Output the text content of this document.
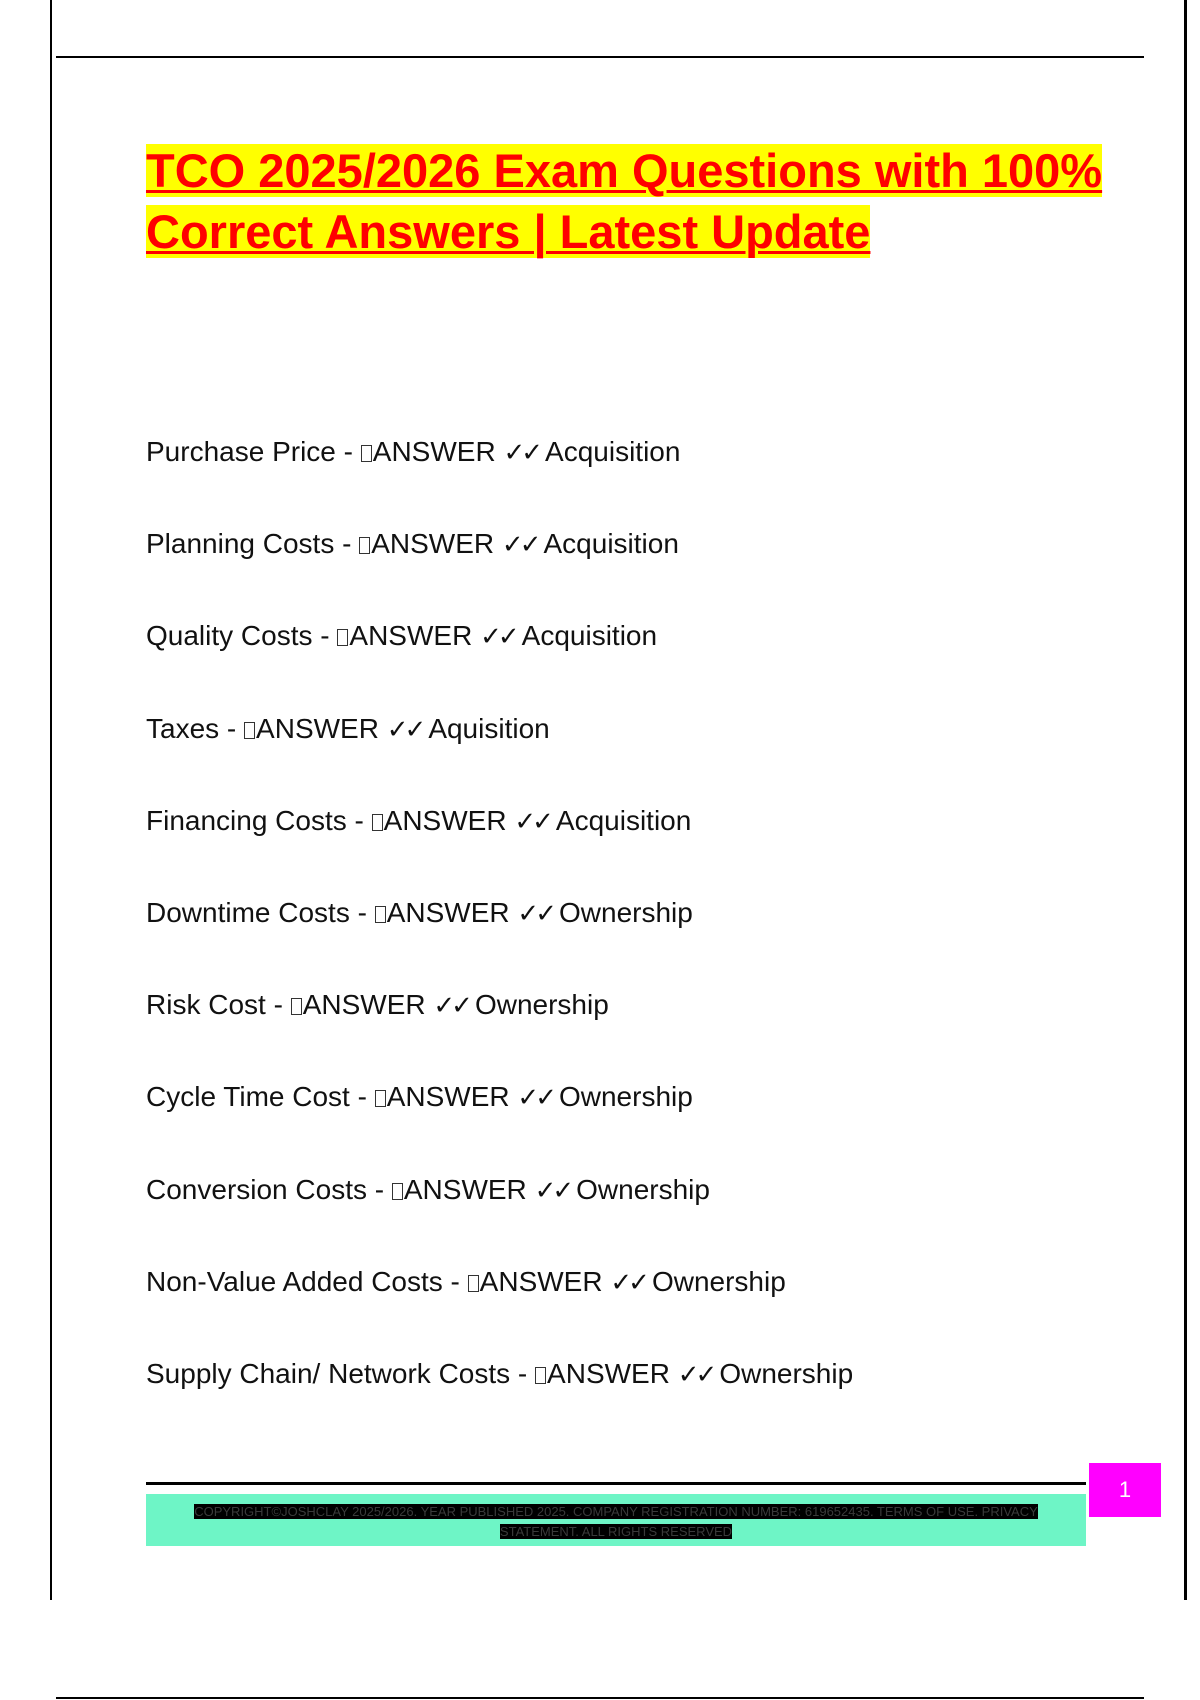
TCO 2025/2026 Exam Questions with 100% Correct Answers | Latest Update
Purchase Price - ANSWER ✓✓ Acquisition
Planning Costs - ANSWER ✓✓ Acquisition
Quality Costs - ANSWER ✓✓ Acquisition
Taxes - ANSWER ✓✓ Aquisition
Financing Costs - ANSWER ✓✓ Acquisition
Downtime Costs - ANSWER ✓✓ Ownership
Risk Cost - ANSWER ✓✓ Ownership
Cycle Time Cost - ANSWER ✓✓ Ownership
Conversion Costs - ANSWER ✓✓ Ownership
Non-Value Added Costs - ANSWER ✓✓ Ownership
Supply Chain/ Network Costs - ANSWER ✓✓ Ownership
COPYRIGHT©JOSHCLAY 2025/2026. YEAR PUBLISHED 2025. COMPANY REGISTRATION NUMBER: 619652435. TERMS OF USE. PRIVACY STATEMENT. ALL RIGHTS RESERVED
1
